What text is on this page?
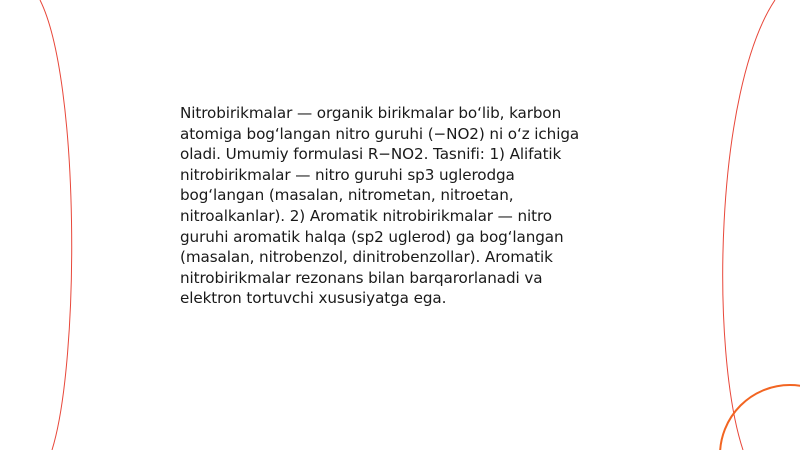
Nitrobirikmalar — organik birikmalar bo‘lib, karbon
atomiga bog‘langan nitro guruhi (−NO2) ni o‘z ichiga
oladi. Umumiy formulasi R−NO2. Tasnifi: 1) Alifatik
nitrobirikmalar — nitro guruhi sp3 uglerodga
bog‘langan (masalan, nitrometan, nitroetan,
nitroalkanlar). 2) Aromatik nitrobirikmalar — nitro
guruhi aromatik halqa (sp2 uglerod) ga bog‘langan
(masalan, nitrobenzol, dinitrobenzollar). Aromatik
nitrobirikmalar rezonans bilan barqarorlanadi va
elektron tortuvchi xususiyatga ega.
